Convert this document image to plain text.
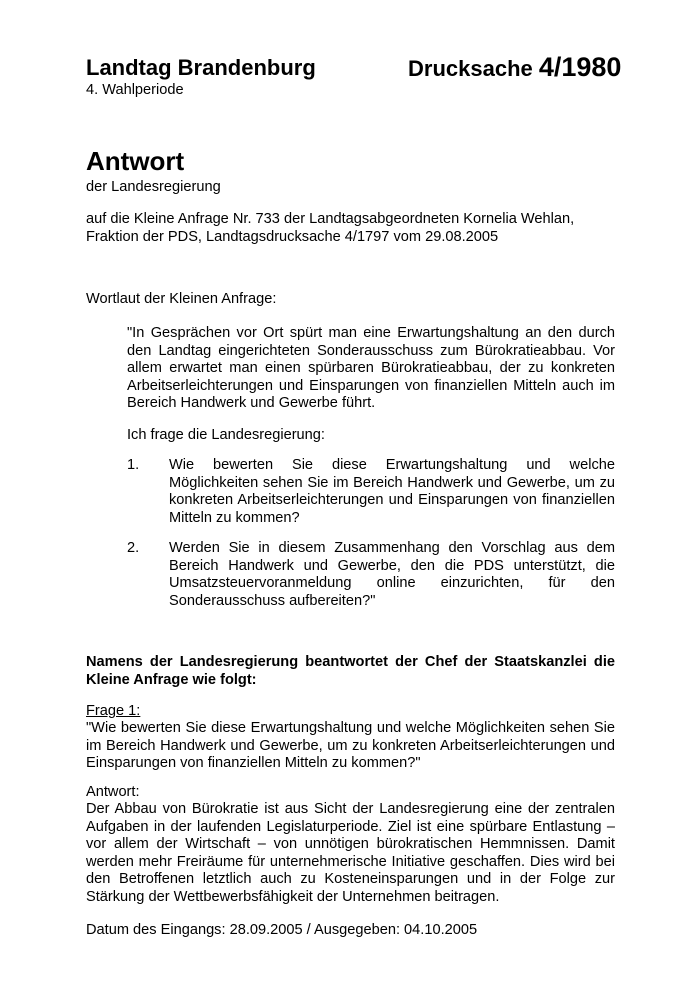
Landtag Brandenburg	Drucksache 4/1980
4. Wahlperiode
Antwort
der Landesregierung
auf die Kleine Anfrage Nr. 733 der Landtagsabgeordneten Kornelia Wehlan, Fraktion der PDS, Landtagsdrucksache 4/1797 vom 29.08.2005
Wortlaut der Kleinen Anfrage:
"In Gesprächen vor Ort spürt man eine Erwartungshaltung an den durch den Landtag eingerichteten Sonderausschuss zum Bürokratieabbau. Vor allem erwartet man einen spürbaren Bürokratieabbau, der zu konkreten Arbeitserleichterungen und Einsparungen von finanziellen Mitteln auch im Bereich Handwerk und Gewerbe führt.
Ich frage die Landesregierung:
1. Wie bewerten Sie diese Erwartungshaltung und welche Möglichkeiten sehen Sie im Bereich Handwerk und Gewerbe, um zu konkreten Arbeitserleichterungen und Einsparungen von finanziellen Mitteln zu kommen?
2. Werden Sie in diesem Zusammenhang den Vorschlag aus dem Bereich Handwerk und Gewerbe, den die PDS unterstützt, die Umsatzsteuervoranmeldung online einzurichten, für den Sonderausschuss aufbereiten?"
Namens der Landesregierung beantwortet der Chef der Staatskanzlei die Kleine Anfrage wie folgt:
Frage 1:
"Wie bewerten Sie diese Erwartungshaltung und welche Möglichkeiten sehen Sie im Bereich Handwerk und Gewerbe, um zu konkreten Arbeitserleichterungen und Einsparungen von finanziellen Mitteln zu kommen?"
Antwort:
Der Abbau von Bürokratie ist aus Sicht der Landesregierung eine der zentralen Aufgaben in der laufenden Legislaturperiode. Ziel ist eine spürbare Entlastung – vor allem der Wirtschaft – von unnötigen bürokratischen Hemmnissen. Damit werden mehr Freiräume für unternehmerische Initiative geschaffen. Dies wird bei den Betroffenen letztlich auch zu Kosteneinsparungen und in der Folge zur Stärkung der Wettbewerbsfähigkeit der Unternehmen beitragen.
Datum des Eingangs: 28.09.2005 / Ausgegeben: 04.10.2005
